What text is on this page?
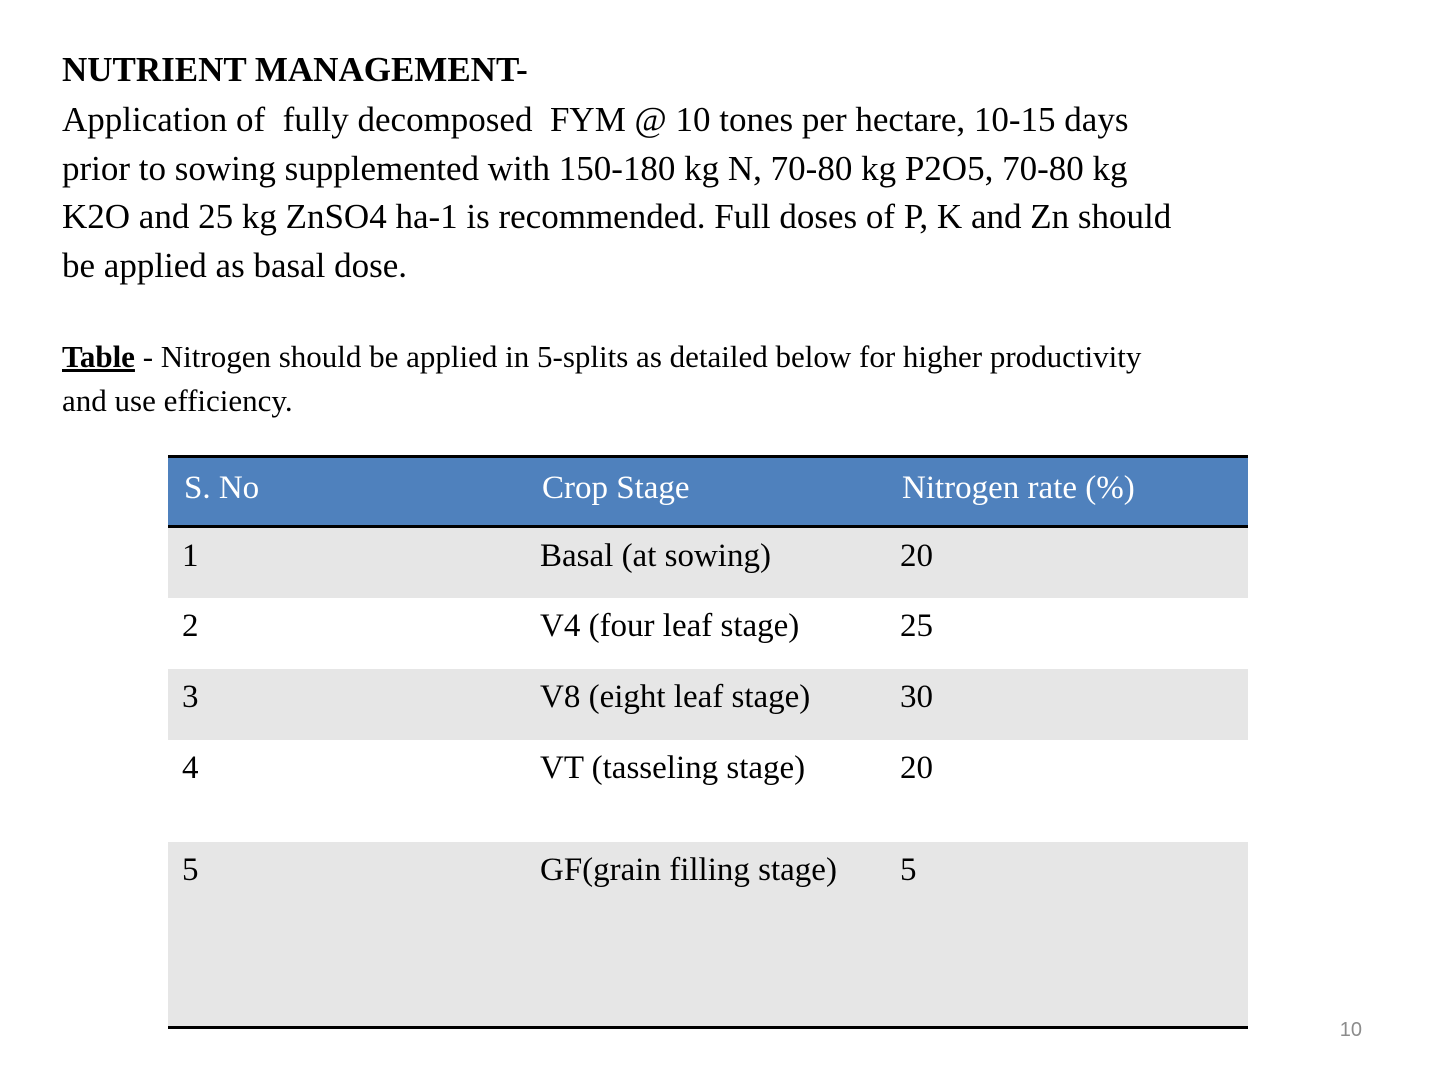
NUTRIENT MANAGEMENT-
Application of  fully decomposed  FYM @ 10 tones per hectare, 10-15 days
prior to sowing supplemented with 150-180 kg N, 70-80 kg P2O5, 70-80 kg
K2O and 25 kg ZnSO4 ha-1 is recommended. Full doses of P, K and Zn should
be applied as basal dose.
Table - Nitrogen should be applied in 5-splits as detailed below for higher productivity
and use efficiency.
S. No	Crop Stage	Nitrogen rate (%)
1	Basal (at sowing)	20
2	V4 (four leaf stage)	25
3	V8 (eight leaf stage)	30
4	VT (tasseling stage)	20
5	GF(grain filling stage)	5
10
